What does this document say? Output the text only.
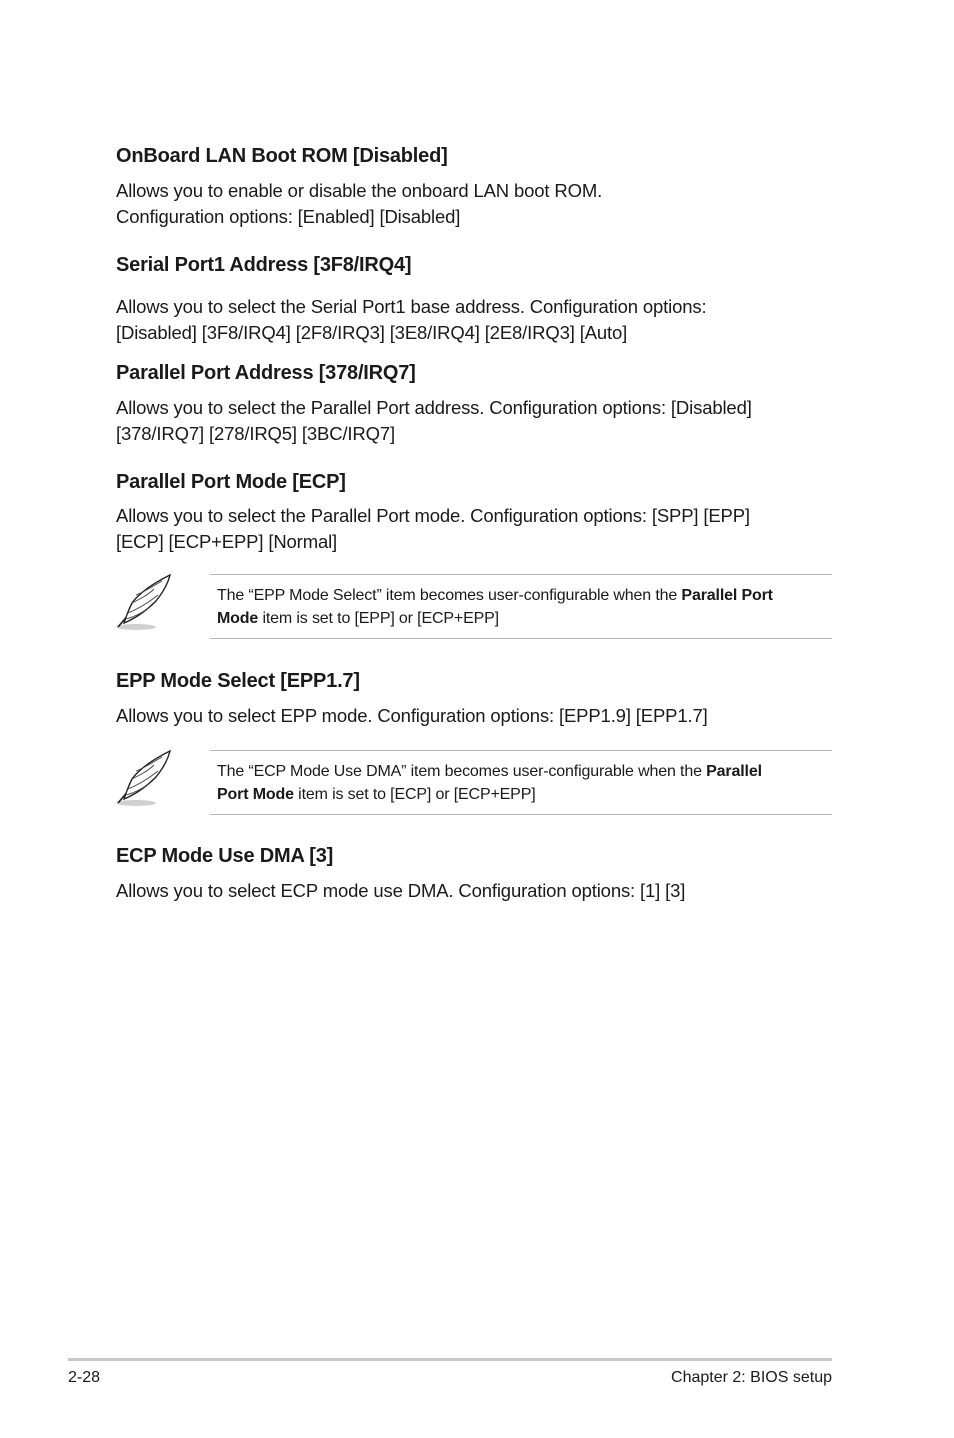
OnBoard LAN Boot ROM [Disabled]

Allows you to enable or disable the onboard LAN boot ROM.
Configuration options: [Enabled] [Disabled]

Serial Port1 Address [3F8/IRQ4]

Allows you to select the Serial Port1 base address. Configuration options:
[Disabled] [3F8/IRQ4] [2F8/IRQ3] [3E8/IRQ4] [2E8/IRQ3] [Auto]

Parallel Port Address [378/IRQ7]

Allows you to select the Parallel Port address. Configuration options: [Disabled]
[378/IRQ7] [278/IRQ5] [3BC/IRQ7]

Parallel Port Mode [ECP]

Allows you to select the Parallel Port mode. Configuration options: [SPP] [EPP]
[ECP] [ECP+EPP] [Normal]

The “EPP Mode Select” item becomes user-configurable when the Parallel Port
Mode item is set to [EPP] or [ECP+EPP]
EPP Mode Select [EPP1.7]

Allows you to select EPP mode. Configuration options: [EPP1.9] [EPP1.7]

The “ECP Mode Use DMA” item becomes user-configurable when the Parallel
Port Mode item is set to [ECP] or [ECP+EPP]
ECP Mode Use DMA [3]

Allows you to select ECP mode use DMA. Configuration options: [1] [3]

2-28	Chapter 2: BIOS setup
